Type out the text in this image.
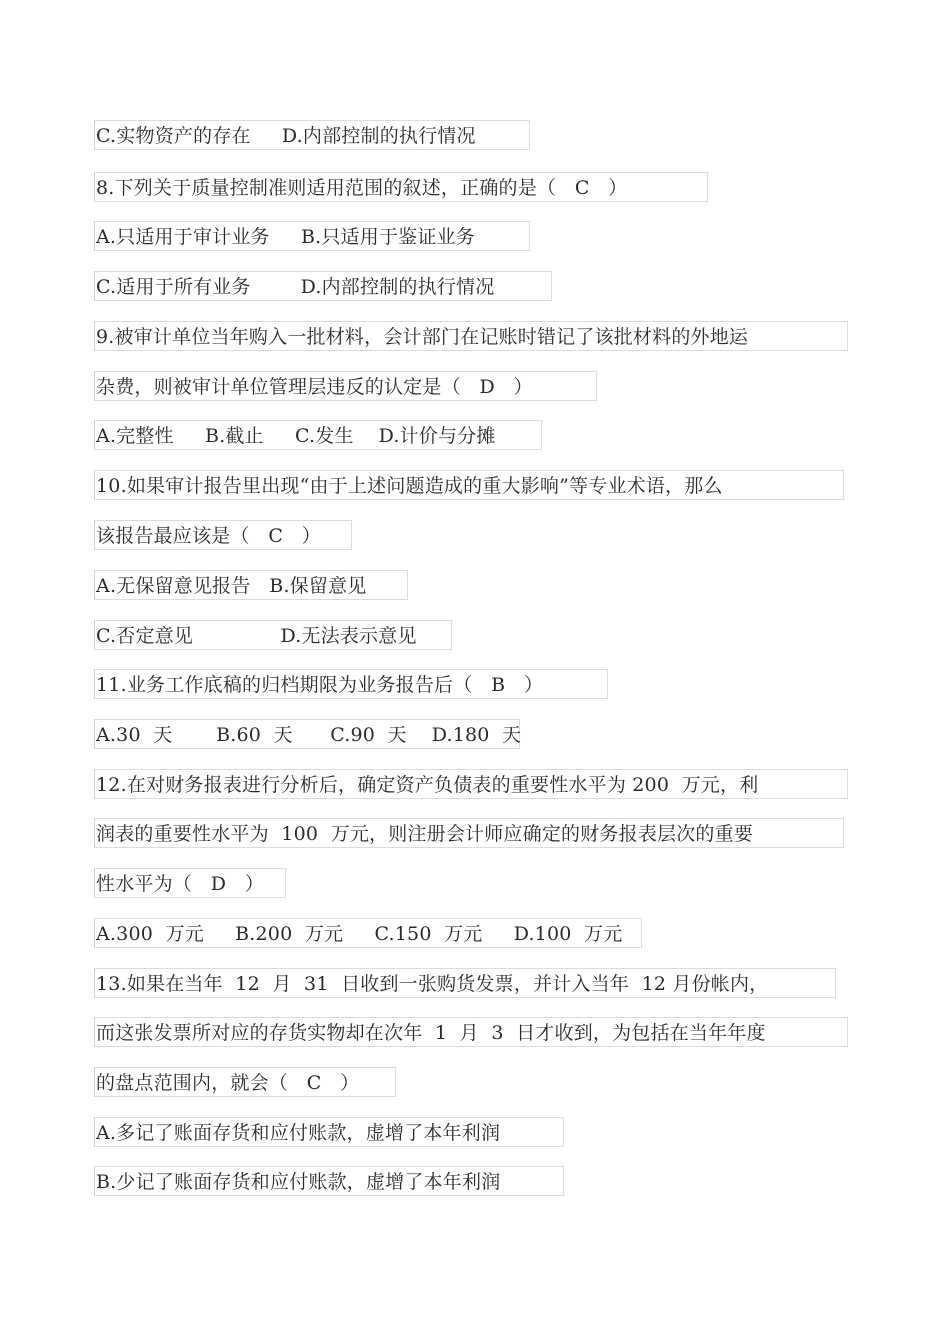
C.实物资产的存在     D.内部控制的执行情况
8.下列关于质量控制准则适用范围的叙述，正确的是（   C   ）
A.只适用于审计业务     B.只适用于鉴证业务
C.适用于所有业务        D.内部控制的执行情况
9.被审计单位当年购入一批材料，会计部门在记账时错记了该批材料的外地运
杂费，则被审计单位管理层违反的认定是（   D   ）
A.完整性     B.截止     C.发生    D.计价与分摊
10.如果审计报告里出现“由于上述问题造成的重大影响”等专业术语，那么
该报告最应该是（   C   ）
A.无保留意见报告   B.保留意见
C.否定意见              D.无法表示意见
11.业务工作底稿的归档期限为业务报告后（   B   ）
A.30  天       B.60  天      C.90  天    D.180  天
12.在对财务报表进行分析后，确定资产负债表的重要性水平为 200  万元，利
润表的重要性水平为  100  万元，则注册会计师应确定的财务报表层次的重要
性水平为（   D   ）
A.300  万元     B.200  万元     C.150  万元     D.100  万元
13.如果在当年  12  月  31  日收到一张购货发票，并计入当年  12 月份帐内，
而这张发票所对应的存货实物却在次年  1  月  3  日才收到，为包括在当年年度
的盘点范围内，就会（   C   ）
A.多记了账面存货和应付账款，虚增了本年利润
B.少记了账面存货和应付账款，虚增了本年利润
